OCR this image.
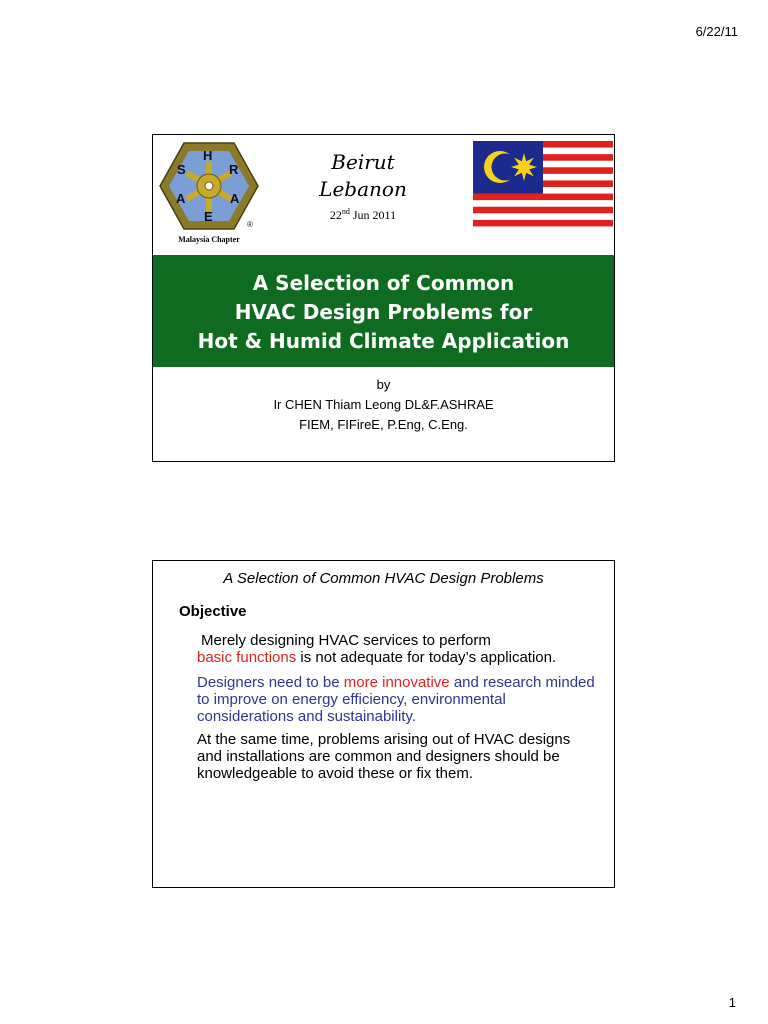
6/22/11
A
S
H
R
A
E
®
Malaysia Chapter
Beirut
Lebanon
22nd Jun 2011
A Selection of Common
HVAC Design Problems for
Hot & Humid Climate Application
by
Ir CHEN Thiam Leong DL&F.ASHRAE
FIEM, FIFireE, P.Eng, C.Eng.
A Selection of Common HVAC Design Problems
Objective
Merely designing HVAC services to perform
basic functions is not adequate for today’s application.
Designers need to be more innovative and research minded to improve on energy efficiency, environmental considerations and sustainability.
At the same time, problems arising out of HVAC designs and installations are common and designers should be knowledgeable to avoid these or fix them.
1
